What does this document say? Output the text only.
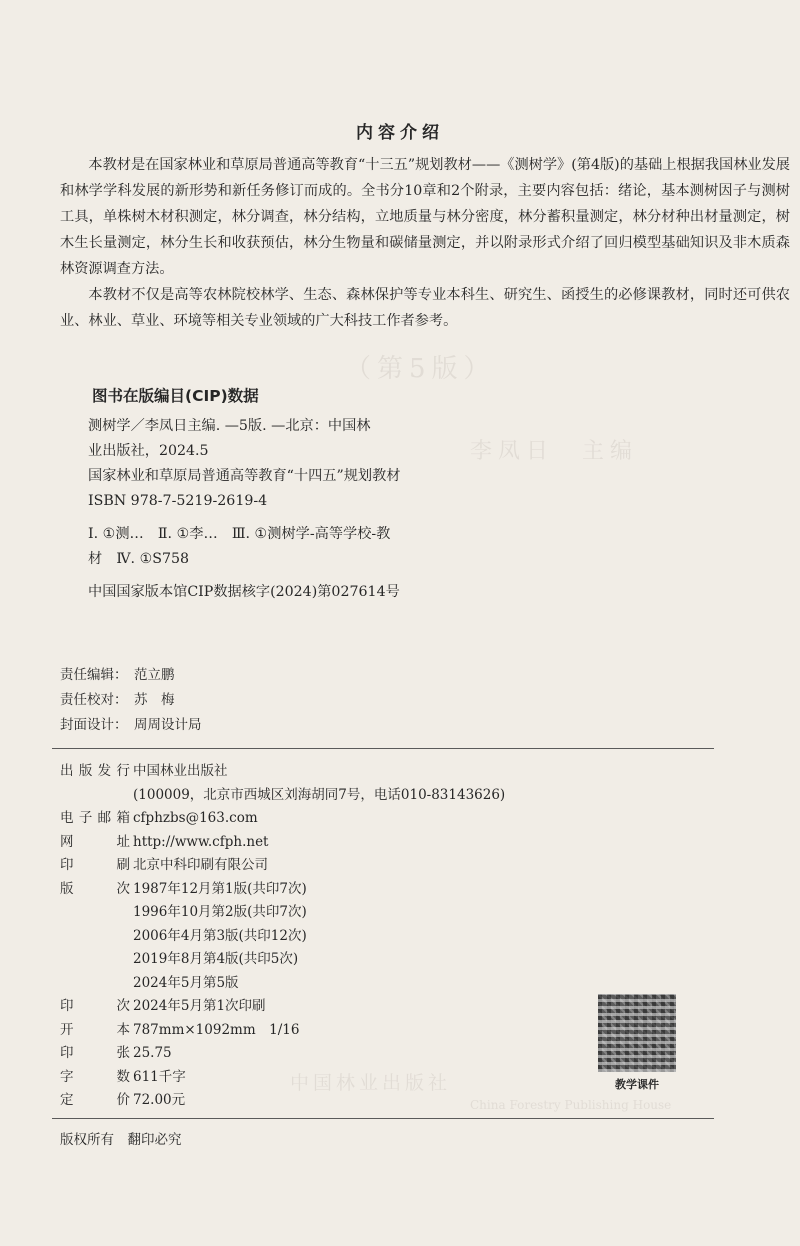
（第5版）
李凤日　主编
中国林业出版社
China Forestry Publishing House
内容介绍

本教材是在国家林业和草原局普通高等教育“十三五”规划教材——《测树学》(第4版)的基础上根据我国林业发展和林学学科发展的新形势和新任务修订而成的。全书分10章和2个附录，主要内容包括：绪论，基本测树因子与测树工具，单株树木材积测定，林分调查，林分结构，立地质量与林分密度，林分蓄积量测定，林分材种出材量测定，树木生长量测定，林分生长和收获预估，林分生物量和碳储量测定，并以附录形式介绍了回归模型基础知识及非木质森林资源调查方法。

本教材不仅是高等农林院校林学、生态、森林保护等专业本科生、研究生、函授生的必修课教材，同时还可供农业、林业、草业、环境等相关专业领域的广大科技工作者参考。

图书在版编目(CIP)数据
测树学／李凤日主编. —5版. —北京：中国林
业出版社，2024.5
国家林业和草原局普通高等教育“十四五”规划教材
ISBN 978-7-5219-2619-4
Ⅰ. ①测…　Ⅱ. ①李…　Ⅲ. ①测树学-高等学校-教
材　Ⅳ. ①S758
中国国家版本馆CIP数据核字(2024)第027614号
责任编辑： 范立鹏
责任校对： 苏　梅
封面设计： 周周设计局
出版发行 中国林业出版社
(100009，北京市西城区刘海胡同7号，电话010-83143626)
电子邮箱 cfphzbs@163.com
网　　址 http://www.cfph.net
印　　刷 北京中科印刷有限公司
版　　次 1987年12月第1版(共印7次)
1996年10月第2版(共印7次)
2006年4月第3版(共印12次)
2019年8月第4版(共印5次)
2024年5月第5版
印　　次 2024年5月第1次印刷
开　　本 787mm×1092mm　1/16
印　　张 25.75
字　　数 611千字
定　　价 72.00元
教学课件
版权所有　翻印必究
